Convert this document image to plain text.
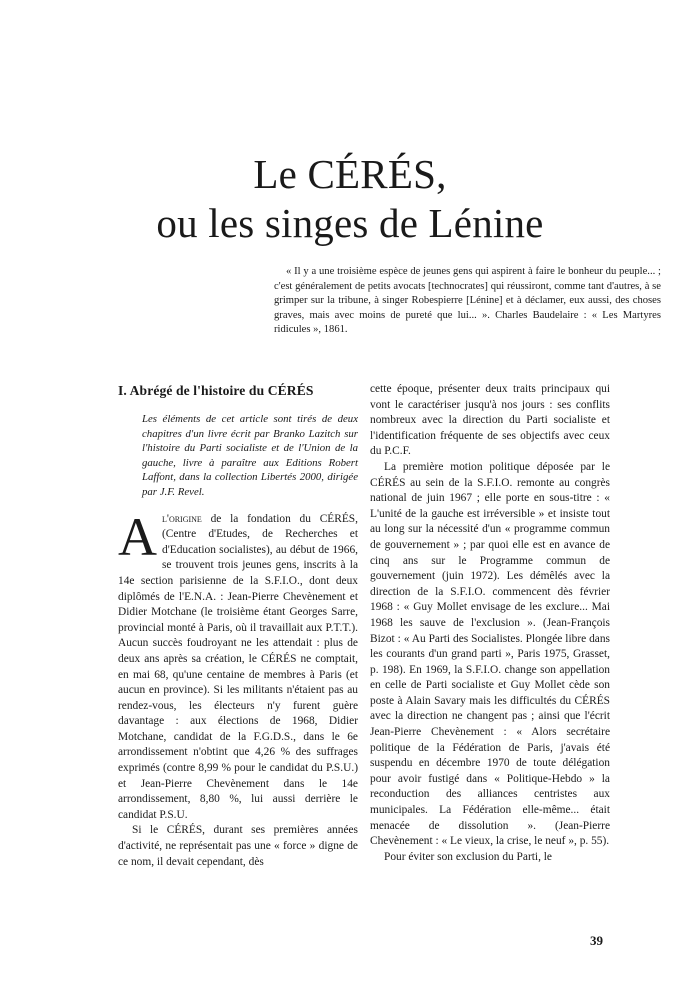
Le CÉRÉS,
ou les singes de Lénine

« Il y a une troisième espèce de jeunes gens qui aspirent à faire le bonheur du peuple... ; c'est généralement de petits avocats [technocrates] qui réussiront, comme tant d'autres, à se grimper sur la tribune, à singer Robespierre [Lénine] et à déclamer, eux aussi, des choses graves, mais avec moins de pureté que lui... ». Charles Baudelaire : « Les Martyres ridicules », 1861.

I. Abrégé de l'histoire du CÉRÉS

Les éléments de cet article sont tirés de deux chapitres d'un livre écrit par Branko Lazitch sur l'histoire du Parti socialiste et de l'Union de la gauche, livre à paraître aux Editions Robert Laffont, dans la collection Libertés 2000, dirigée par J.F. Revel.

Al'origine de la fondation du CÉRÉS, (Centre d'Etudes, de Recherches et d'Education socialistes), au début de 1966, se trouvent trois jeunes gens, inscrits à la 14e section parisienne de la S.F.I.O., dont deux diplômés de l'E.N.A. : Jean-Pierre Chevènement et Didier Motchane (le troisième étant Georges Sarre, provincial monté à Paris, où il travaillait aux P.T.T.). Aucun succès foudroyant ne les attendait : plus de deux ans après sa création, le CÉRÉS ne comptait, en mai 68, qu'une centaine de membres à Paris (et aucun en province). Si les militants n'étaient pas au rendez-vous, les électeurs n'y furent guère davantage : aux élections de 1968, Didier Motchane, candidat de la F.G.D.S., dans le 6e arrondissement n'obtint que 4,26 % des suffrages exprimés (contre 8,99 % pour le candidat du P.S.U.) et Jean-Pierre Chevènement dans le 14e arrondissement, 8,80 %, lui aussi derrière le candidat P.S.U.

Si le CÉRÉS, durant ses premières années d'activité, ne représentait pas une « force » digne de ce nom, il devait cependant, dès

cette époque, présenter deux traits principaux qui vont le caractériser jusqu'à nos jours : ses conflits nombreux avec la direction du Parti socialiste et l'identification fréquente de ses objectifs avec ceux du P.C.F.

La première motion politique déposée par le CÉRÉS au sein de la S.F.I.O. remonte au congrès national de juin 1967 ; elle porte en sous-titre : « L'unité de la gauche est irréversible » et insiste tout au long sur la nécessité d'un « programme commun de gouvernement » ; par quoi elle est en avance de cinq ans sur le Programme commun de gouvernement (juin 1972). Les démêlés avec la direction de la S.F.I.O. commencent dès février 1968 : « Guy Mollet envisage de les exclure... Mai 1968 les sauve de l'exclusion ». (Jean-François Bizot : « Au Parti des Socialistes. Plongée libre dans les courants d'un grand parti », Paris 1975, Grasset, p. 198). En 1969, la S.F.I.O. change son appellation en celle de Parti socialiste et Guy Mollet cède son poste à Alain Savary mais les difficultés du CÉRÉS avec la direction ne changent pas ; ainsi que l'écrit Jean-Pierre Chevènement : « Alors secrétaire politique de la Fédération de Paris, j'avais été suspendu en décembre 1970 de toute délégation pour avoir fustigé dans « Politique-Hebdo » la reconduction des alliances centristes aux municipales. La Fédération elle-même... était menacée de dissolution ». (Jean-Pierre Chevènement : « Le vieux, la crise, le neuf », p. 55).

Pour éviter son exclusion du Parti, le

39
